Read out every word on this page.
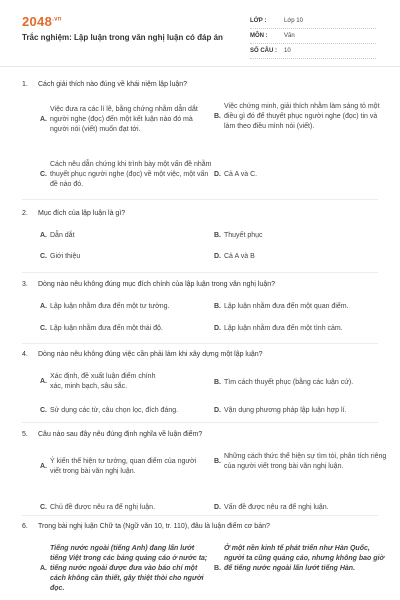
$2048^{.vn}$
Trắc nghiệm: Lập luận trong văn nghị luận có đáp án
LỚP :	Lớp 10
MÔN :	Văn
SỐ CÂU :	10
1.	Cách giải thích nào đúng về khái niệm lập luận?
A.
Việc đưa ra các lí lẽ, bằng chứng nhằm dẫn dắt người nghe (đọc) đến một kết luận nào đó mà người nói (viết) muốn đạt tới.
B.
Việc chứng minh, giải thích nhằm làm sáng tỏ một điều gì đó để thuyết phục người nghe (đọc) tin và làm theo điều mình nói (viết).
C.
Cách nêu dẫn chứng khi trình bày một vấn đề nhằm thuyết phục người nghe (đọc) về một việc, một vấn đề nào đó.
D. Cả A và C.
2.	Mục đích của lập luận là gì?
A. Dẫn dắt	B. Thuyết phục
C. Giới thiệu	D. Cả A và B
3.	Dòng nào nêu không đúng mục đích chính của lập luận trong văn nghị luận?
A. Lập luận nhằm đưa đến một tư tưởng.	B. Lập luận nhằm đưa đến một quan điểm.
C. Lập luận nhằm đưa đến một thái độ.	D. Lập luận nhằm đưa đến một tình cảm.
4.	Dòng nào nêu không đúng việc cần phải làm khi xây dựng một lập luận?
A.
Xác định, đề xuất luận điểm chính xác, minh bạch, sâu sắc.
B. Tìm cách thuyết phục (bằng các luận cứ).
C. Sử dụng các từ, câu chọn lọc, đích đáng.	D. Vận dụng phương pháp lập luận hợp lí.
5.	Câu nào sau đây nêu đúng định nghĩa về luận điểm?
A.
Ý kiến thể hiện tư tưởng, quan điểm của người viết trong bài văn nghị luận.
B.
Những cách thức thể hiện sự tìm tòi, phân tích riêng của người viết trong bài văn nghị luận.
C. Chủ đề được nêu ra để nghị luận.	D. Vấn đề được nêu ra để nghị luận.
6.	Trong bài nghị luận Chữ ta (Ngữ văn 10, tr. 110), đâu là luận điểm cơ bản?
A.
Tiếng nước ngoài (tiếng Anh) đang lấn lướt tiếng Việt trong các bảng quảng cáo ở nước ta; tiếng nước ngoài được đưa vào báo chí một cách không cần thiết, gây thiệt thòi cho người đọc.
B.
Ở một nền kinh tế phát triển như Hàn Quốc, người ta cũng quảng cáo, nhưng không bao giờ để tiếng nước ngoài lấn lướt tiếng Hàn.
